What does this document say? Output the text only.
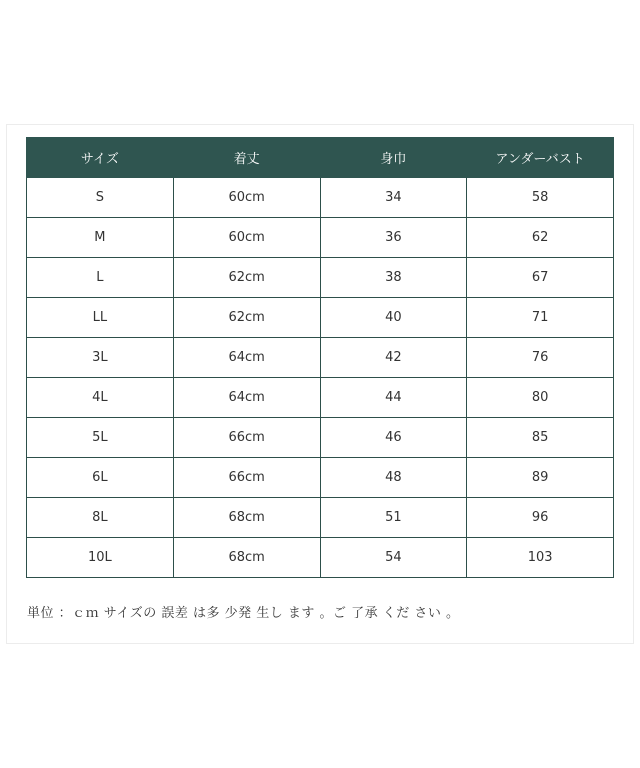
サイズ	着丈	身巾	アンダーバスト
S	60cm	34	58
M	60cm	36	62
L	62cm	38	67
LL	62cm	40	71
3L	64cm	42	76
4L	64cm	44	80
5L	66cm	46	85
6L	66cm	48	89
8L	68cm	51	96
10L	68cm	54	103
単位 ：ｃｍ サイズの 誤差 は多 少発 生し ます 。ご 了承 くだ さい 。
